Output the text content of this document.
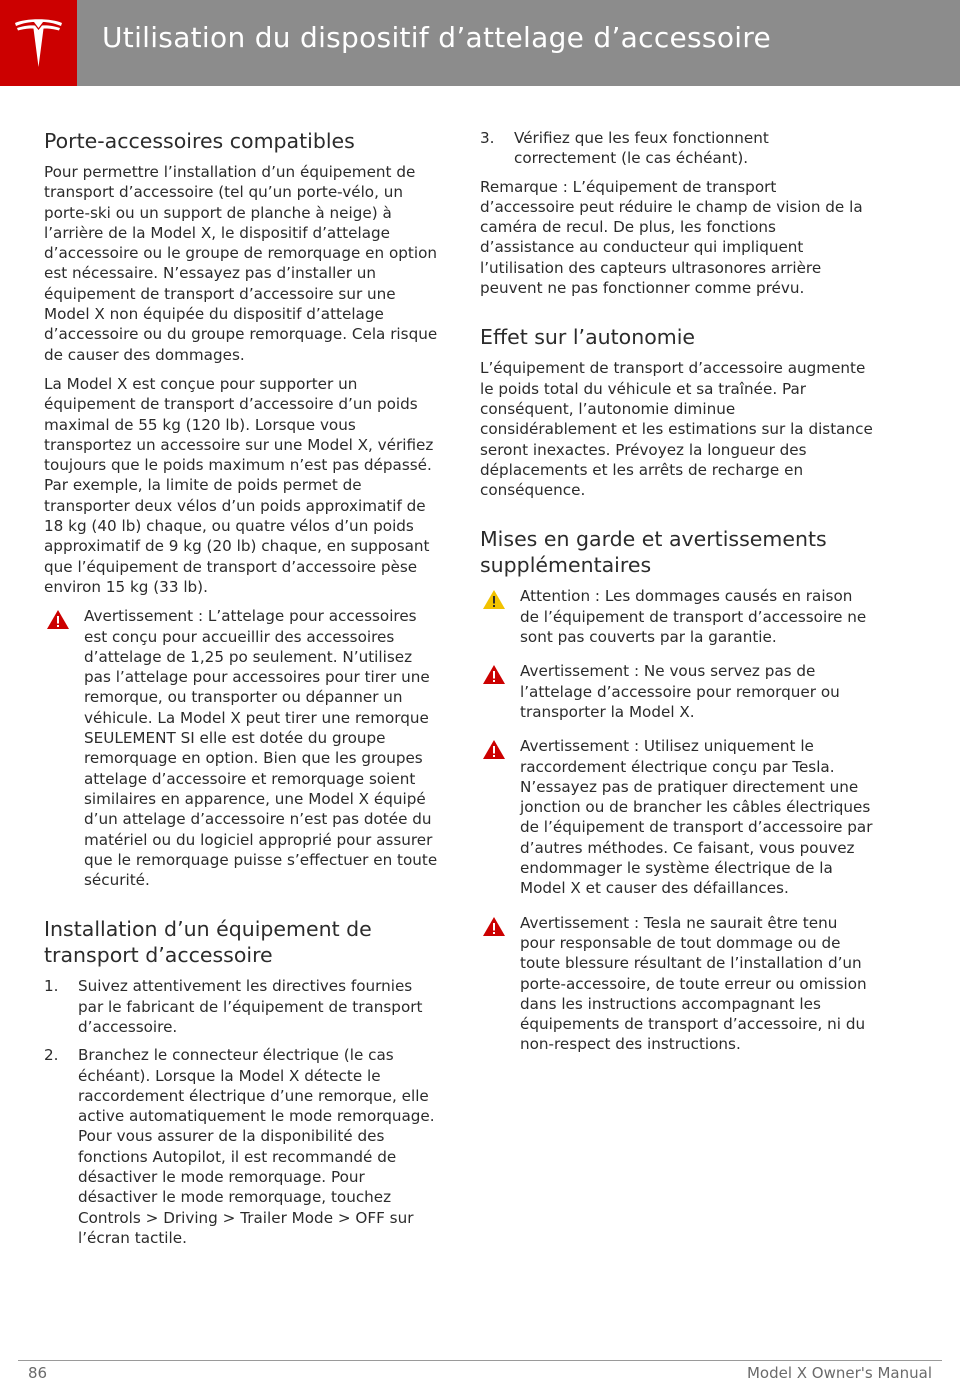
Utilisation du dispositif d’attelage d’accessoire
Porte-accessoires compatibles

Pour permettre l’installation d’un équipement de transport d’accessoire (tel qu’un porte-vélo, un porte-ski ou un support de planche à neige) à l’arrière de la Model X, le dispositif d’attelage d’accessoire ou le groupe de remorquage en option est nécessaire. N’essayez pas d’installer un équipement de transport d’accessoire sur une Model X non équipée du dispositif d’attelage d’accessoire ou du groupe remorquage. Cela risque de causer des dommages.

La Model X est conçue pour supporter un équipement de transport d’accessoire d’un poids maximal de 55 kg (120 lb). Lorsque vous transportez un accessoire sur une Model X, vérifiez toujours que le poids maximum n’est pas dépassé. Par exemple, la limite de poids permet de transporter deux vélos d’un poids approximatif de 18 kg (40 lb) chaque, ou quatre vélos d’un poids approximatif de 9 kg (20 lb) chaque, en supposant que l’équipement de transport d’accessoire pèse environ 15 kg (33 lb).

Avertissement : L’attelage pour accessoires est conçu pour accueillir des accessoires d’attelage de 1,25 po seulement. N’utilisez pas l’attelage pour accessoires pour tirer une remorque, ou transporter ou dépanner un véhicule. La Model X peut tirer une remorque SEULEMENT SI elle est dotée du groupe remorquage en option. Bien que les groupes attelage d’accessoire et remorquage soient similaires en apparence, une Model X équipé d’un attelage d’accessoire n’est pas dotée du matériel ou du logiciel approprié pour assurer que le remorquage puisse s’effectuer en toute sécurité.
Installation d’un équipement de transport d’accessoire
1. Suivez attentivement les directives fournies par le fabricant de l’équipement de transport d’accessoire.
2. Branchez le connecteur électrique (le cas échéant). Lorsque la Model X détecte le raccordement électrique d’une remorque, elle active automatiquement le mode remorquage. Pour vous assurer de la disponibilité des fonctions Autopilot, il est recommandé de désactiver le mode remorquage. Pour désactiver le mode remorquage, touchez Controls > Driving > Trailer Mode > OFF sur l’écran tactile.
3. Vérifiez que les feux fonctionnent correctement (le cas échéant).

Remarque : L’équipement de transport d’accessoire peut réduire le champ de vision de la caméra de recul. De plus, les fonctions d’assistance au conducteur qui impliquent l’utilisation des capteurs ultrasonores arrière peuvent ne pas fonctionner comme prévu.

Effet sur l’autonomie

L’équipement de transport d’accessoire augmente le poids total du véhicule et sa traînée. Par conséquent, l’autonomie diminue considérablement et les estimations sur la distance seront inexactes. Prévoyez la longueur des déplacements et les arrêts de recharge en conséquence.

Mises en garde et avertissements supplémentaires
Attention : Les dommages causés en raison de l’équipement de transport d’accessoire ne sont pas couverts par la garantie.
Avertissement : Ne vous servez pas de l’attelage d’accessoire pour remorquer ou transporter la Model X.
Avertissement : Utilisez uniquement le raccordement électrique conçu par Tesla. N’essayez pas de pratiquer directement une jonction ou de brancher les câbles électriques de l’équipement de transport d’accessoire par d’autres méthodes. Ce faisant, vous pouvez endommager le système électrique de la Model X et causer des défaillances.
Avertissement : Tesla ne saurait être tenu pour responsable de tout dommage ou de toute blessure résultant de l’installation d’un porte-accessoire, de toute erreur ou omission dans les instructions accompagnant les équipements de transport d’accessoire, ni du non-respect des instructions.
86	Model X Owner's Manual
